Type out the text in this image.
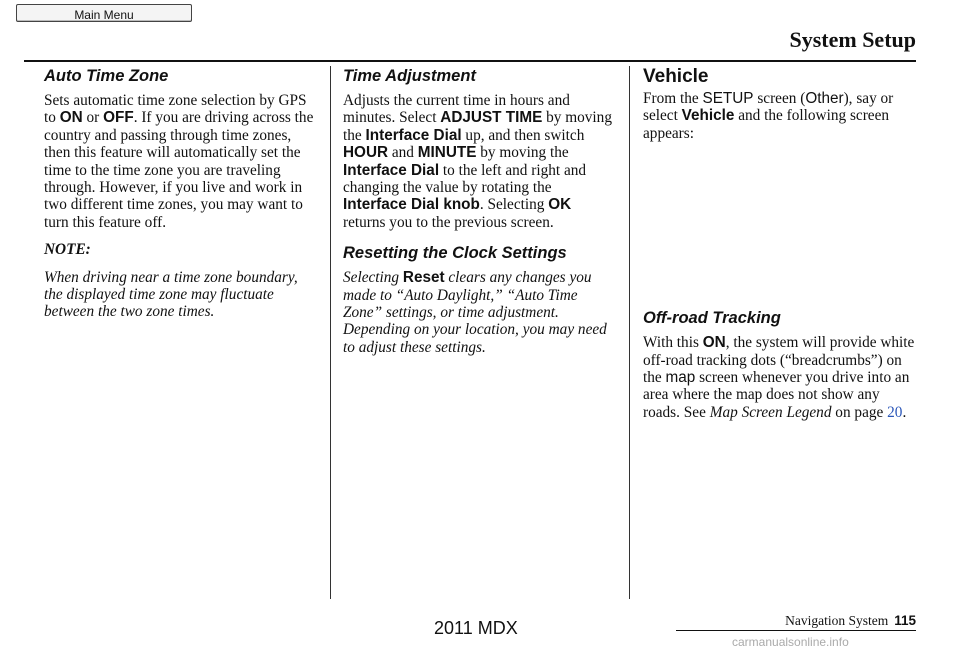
Main Menu
System Setup
Auto Time Zone

Sets automatic time zone selection by GPS to ON or OFF. If you are driving across the country and passing through time zones, then this feature will automatically set the time to the time zone you are traveling through. However, if you live and work in two different time zones, you may want to turn this feature off.

NOTE:

When driving near a time zone boundary, the displayed time zone may fluctuate between the two zone times.

Time Adjustment

Adjusts the current time in hours and minutes. Select ADJUST TIME by moving the Interface Dial up, and then switch HOUR and MINUTE by moving the Interface Dial to the left and right and changing the value by rotating the Interface Dial knob. Selecting OK returns you to the previous screen.

Resetting the Clock Settings

Selecting Reset clears any changes you made to “Auto Daylight,” “Auto Time Zone” settings, or time adjustment. Depending on your location, you may need to adjust these settings.

Vehicle

From the SETUP screen (Other), say or select Vehicle and the following screen appears:

Off-road Tracking

With this ON, the system will provide white off-road tracking dots (“breadcrumbs”) on the map screen whenever you drive into an area where the map does not show any roads. See Map Screen Legend on page 20.

Navigation System 115
2011 MDX
carmanualsonline.info
